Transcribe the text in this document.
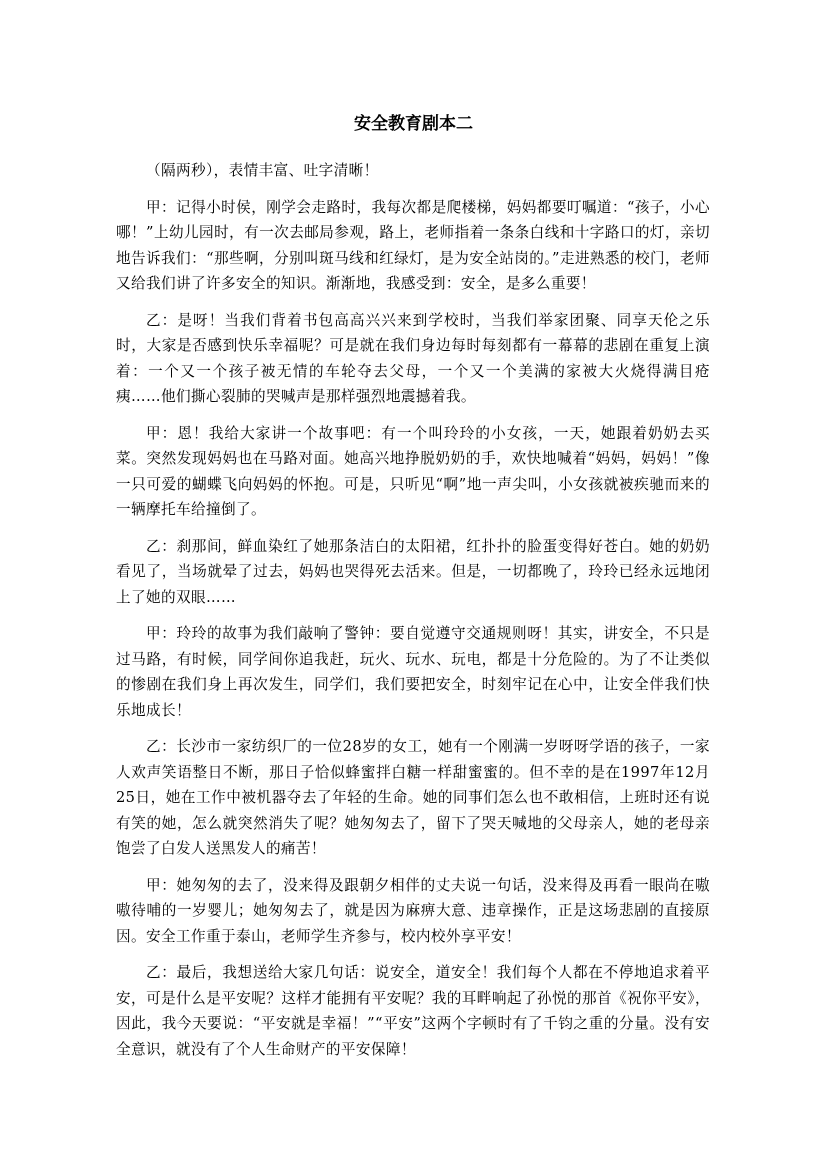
安全教育剧本二

（隔两秒），表情丰富、吐字清晰！

甲：记得小时侯，刚学会走路时，我每次都是爬楼梯，妈妈都要叮嘱道：“孩子，小心哪！”上幼儿园时，有一次去邮局参观，路上，老师指着一条条白线和十字路口的灯，亲切地告诉我们：“那些啊，分别叫斑马线和红绿灯，是为安全站岗的。”走进熟悉的校门，老师又给我们讲了许多安全的知识。渐渐地，我感受到：安全，是多么重要！

乙：是呀！当我们背着书包高高兴兴来到学校时，当我们举家团聚、同享天伦之乐时，大家是否感到快乐幸福呢？可是就在我们身边每时每刻都有一幕幕的悲剧在重复上演着：一个又一个孩子被无情的车轮夺去父母，一个又一个美满的家被大火烧得满目疮痍……他们撕心裂肺的哭喊声是那样强烈地震撼着我。

甲：恩！我给大家讲一个故事吧：有一个叫玲玲的小女孩，一天，她跟着奶奶去买菜。突然发现妈妈也在马路对面。她高兴地挣脱奶奶的手，欢快地喊着“妈妈，妈妈！”像一只可爱的蝴蝶飞向妈妈的怀抱。可是，只听见“啊”地一声尖叫，小女孩就被疾驰而来的一辆摩托车给撞倒了。

乙：刹那间，鲜血染红了她那条洁白的太阳裙，红扑扑的脸蛋变得好苍白。她的奶奶看见了，当场就晕了过去，妈妈也哭得死去活来。但是，一切都晚了，玲玲已经永远地闭上了她的双眼……

甲：玲玲的故事为我们敲响了警钟：要自觉遵守交通规则呀！其实，讲安全，不只是过马路，有时候，同学间你追我赶，玩火、玩水、玩电，都是十分危险的。为了不让类似的惨剧在我们身上再次发生，同学们，我们要把安全，时刻牢记在心中，让安全伴我们快乐地成长！

乙：长沙市一家纺织厂的一位28岁的女工，她有一个刚满一岁呀呀学语的孩子，一家人欢声笑语整日不断，那日子恰似蜂蜜拌白糖一样甜蜜蜜的。但不幸的是在1997年12月25日，她在工作中被机器夺去了年轻的生命。她的同事们怎么也不敢相信，上班时还有说有笑的她，怎么就突然消失了呢？她匆匆去了，留下了哭天喊地的父母亲人，她的老母亲饱尝了白发人送黑发人的痛苦！

甲：她匆匆的去了，没来得及跟朝夕相伴的丈夫说一句话，没来得及再看一眼尚在嗷嗷待哺的一岁婴儿；她匆匆去了，就是因为麻痹大意、违章操作，正是这场悲剧的直接原因。安全工作重于泰山，老师学生齐参与，校内校外享平安！

乙：最后，我想送给大家几句话：说安全，道安全！我们每个人都在不停地追求着平安，可是什么是平安呢？这样才能拥有平安呢？我的耳畔响起了孙悦的那首《祝你平安》，因此，我今天要说：“平安就是幸福！”“平安”这两个字顿时有了千钧之重的分量。没有安全意识，就没有了个人生命财产的平安保障！
